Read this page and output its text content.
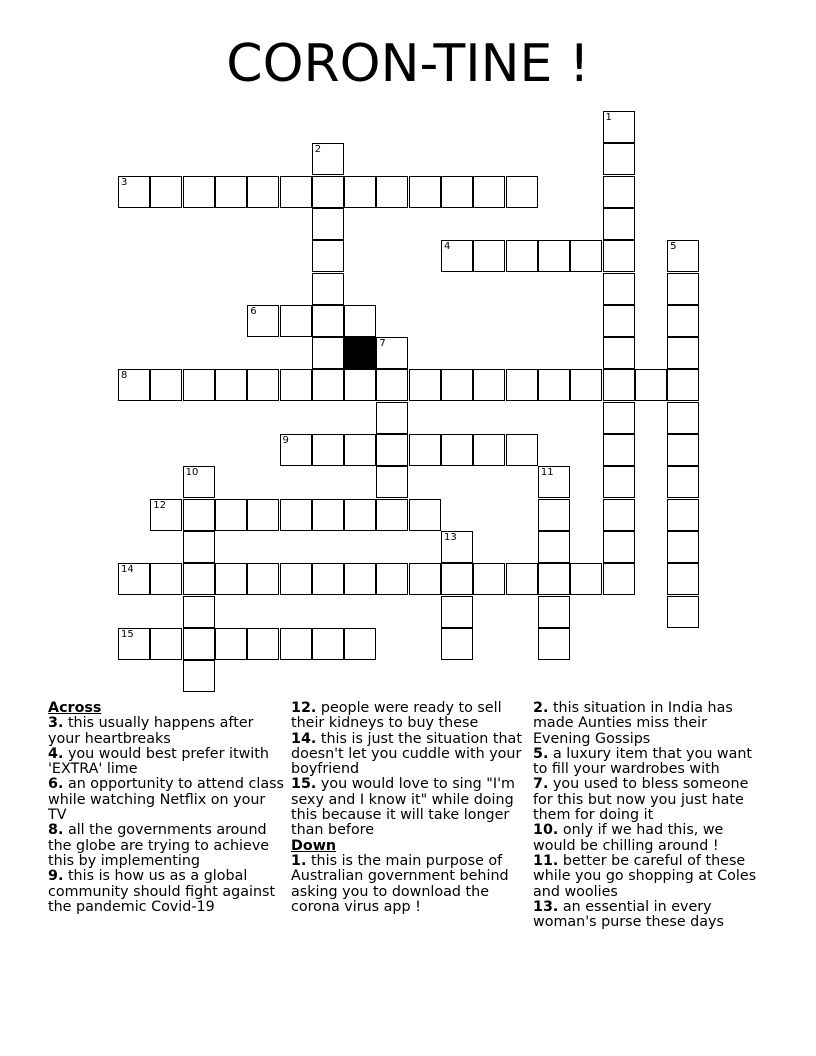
CORON-TINE !
3
4
6
8
9
12
14
15
1
2
5
7
10	11
13
Across
3. this usually happens after your heartbreaks
4. you would best prefer itwith 'EXTRA' lime
6. an opportunity to attend class while watching Netflix on your TV
8. all the governments around the globe are trying to achieve this by implementing
9. this is how us as a global community should fight against the pandemic Covid-19
12. people were ready to sell their kidneys to buy these
14. this is just the situation that doesn't let you cuddle with your boyfriend
15. you would love to sing "I'm sexy and I know it" while doing this because it will take longer than before
Down
1. this is the main purpose of Australian government behind asking you to download the corona virus app !
2. this situation in India has made Aunties miss their Evening Gossips
5. a luxury item that you want to fill your wardrobes with
7. you used to bless someone for this but now you just hate them for doing it
10. only if we had this, we would be chilling around !
11. better be careful of these while you go shopping at Coles and woolies
13. an essential in every woman's purse these days
